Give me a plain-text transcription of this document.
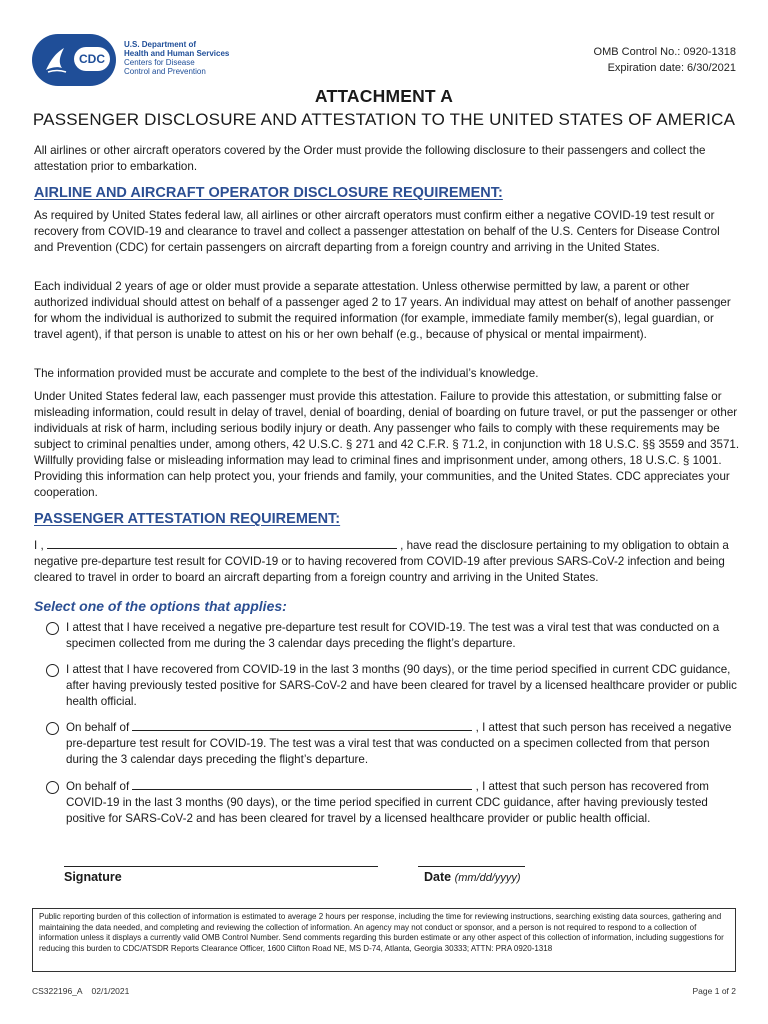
CDC
U.S. Department of
Health and Human Services
Centers for Disease
Control and Prevention
OMB Control No.: 0920-1318
Expiration date: 6/30/2021
ATTACHMENT A
PASSENGER DISCLOSURE AND ATTESTATION TO THE UNITED STATES OF AMERICA

All airlines or other aircraft operators covered by the Order must provide the following disclosure to their passengers and collect the attestation prior to embarkation.

AIRLINE AND AIRCRAFT OPERATOR DISCLOSURE REQUIREMENT:

As required by United States federal law, all airlines or other aircraft operators must confirm either a negative COVID-19 test result or recovery from COVID-19 and clearance to travel and collect a passenger attestation on behalf of the U.S. Centers for Disease Control and Prevention (CDC) for certain passengers on aircraft departing from a foreign country and arriving in the United States.

Each individual 2 years of age or older must provide a separate attestation. Unless otherwise permitted by law, a parent or other authorized individual should attest on behalf of a passenger aged 2 to 17 years. An individual may attest on behalf of another passenger for whom the individual is authorized to submit the required information (for example, immediate family member(s), legal guardian, or travel agent), if that person is unable to attest on his or her own behalf (e.g., because of physical or mental impairment).

The information provided must be accurate and complete to the best of the individual’s knowledge.

Under United States federal law, each passenger must provide this attestation. Failure to provide this attestation, or submitting false or misleading information, could result in delay of travel, denial of boarding, denial of boarding on future travel, or put the passenger or other individuals at risk of harm, including serious bodily injury or death. Any passenger who fails to comply with these requirements may be subject to criminal penalties under, among others, 42 U.S.C. § 271 and 42 C.F.R. § 71.2, in conjunction with 18 U.S.C. §§ 3559 and 3571. Willfully providing false or misleading information may lead to criminal fines and imprisonment under, among others, 18 U.S.C. § 1001. Providing this information can help protect you, your friends and family, your communities, and the United States. CDC appreciates your cooperation.

PASSENGER ATTESTATION REQUIREMENT:

I ,	, have read the disclosure pertaining to my obligation to obtain a negative pre-departure test result for COVID-19 or to having recovered from COVID-19 after previous SARS-CoV-2 infection and being cleared to travel in order to board an aircraft departing from a foreign country and arriving in the United States.

Select one of the options that applies:

I attest that I have received a negative pre-departure test result for COVID-19. The test was a viral test that was conducted on a specimen collected from me during the 3 calendar days preceding the flight’s departure.

I attest that I have recovered from COVID-19 in the last 3 months (90 days), or the time period specified in current CDC guidance, after having previously tested positive for SARS-CoV-2 and have been cleared for travel by a licensed healthcare provider or public health official.

On behalf of	, I attest that such person has received a negative pre-departure test result for COVID-19. The test was a viral test that was conducted on a specimen collected from that person during the 3 calendar days preceding the flight’s departure.

On behalf of	, I attest that such person has recovered from COVID-19 in the last 3 months (90 days), or the time period specified in current CDC guidance, after having previously tested positive for SARS-CoV-2 and has been cleared for travel by a licensed healthcare provider or public health official.

Signature	Date (mm/dd/yyyy)
Public reporting burden of this collection of information is estimated to average 2 hours per response, including the time for reviewing instructions, searching existing data sources, gathering and maintaining the data needed, and completing and reviewing the collection of information. An agency may not conduct or sponsor, and a person is not required to respond to a collection of information unless it displays a currently valid OMB Control Number. Send comments regarding this burden estimate or any other aspect of this collection of information, including suggestions for reducing this burden to CDC/ATSDR Reports Clearance Officer, 1600 Clifton Road NE, MS D-74, Atlanta, Georgia 30333; ATTN: PRA 0920-1318
CS322196_A    02/1/2021	Page 1 of 2
